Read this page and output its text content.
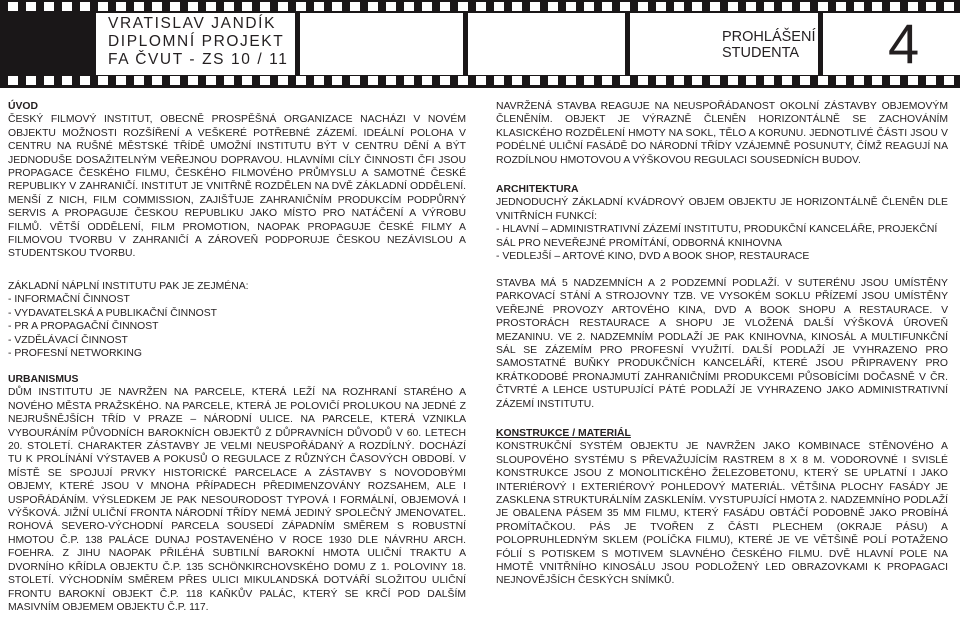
VRATISLAV JANDÍK
DIPLOMNÍ PROJEKT
FA ČVUT - ZS 10 / 11
PROHLÁŠENÍ
STUDENTA 4
ÚVOD
ČESKÝ FILMOVÝ INSTITUT, OBECNĚ PROSPĚŠNÁ ORGANIZACE NACHÁZI V NOVÉM OBJEKTU MOŽNOSTI ROZŠÍŘENÍ A VEŠKERÉ POTŘEBNÉ ZÁZEMÍ. IDEÁLNÍ POLOHA V CENTRU NA RUŠNÉ MĚSTSKÉ TŘÍDĚ UMOŽNÍ INSTITUTU BÝT V CENTRU DĚNÍ A BÝT JEDNODUŠE DOSAŽITELNÝM VEŘEJNOU DOPRAVOU. HLAVNÍMI CÍLY ČINNOSTI ČFI JSOU PROPAGACE ČESKÉHO FILMU, ČESKÉHO FILMOVÉHO PRŮMYSLU A SAMOTNÉ ČESKÉ REPUBLIKY V ZAHRANIČÍ. INSTITUT JE VNITŘNĚ ROZDĚLEN NA DVĚ ZÁKLADNÍ ODDĚLENÍ. MENŠÍ Z NICH, FILM COMMISSION, ZAJIŠŤUJE ZAHRANIČNÍM PRODUKCÍM PODPŮRNÝ SERVIS A PROPAGUJЕ ČESKOU REPUBLIKU JAKO MÍSTO PRO NATÁČENÍ A VÝROBU FILMŮ. VĚTŠÍ ODDĚLENÍ, FILM PROMOTION, NAOPAK PROPAGUJE ČESKÉ FILMY A FILMOVOU TVORBU V ZAHRANIČÍ A ZÁROVEŇ PODPORUJE ČESKOU NEZÁVISLOU A STUDENTSKOU TVORBU.
ZÁKLADNÍ NÁPLNÍ INSTITUTU PAK JE ZEJMÉNA:
- INFORMAČNÍ ČINNOST
- VYDAVATELSKÁ A PUBLIKAČNÍ ČINNOST
- PR A PROPAGAČNÍ ČINNOST
- VZDĚLÁVACÍ ČINNOST
- PROFESNÍ NETWORKING
URBANISMUS
DŮM INSTITUTU JE NAVRŽEN NA PARCELE, KTERÁ LEŽÍ NA ROZHRANÍ STARÉHO A NOVÉHO MĚSTA PRAŽSKÉHO. NA PARCELE, KTERÁ JE POLOVIČÍ PROLUKOU NA JEDNÉ Z NEJRUŠNĚJŠÍCH TŘÍD V PRAZE – NÁRODNÍ ULICE. NA PARCELE, KTERÁ VZNIKLA VYBOURÁNÍM PŮVODNÍCH BAROKNÍCH OBJEKTŮ Z DŮPRAVNÍCH DŮVODŮ V 60. LETECH 20. STOLETÍ. CHARAKTER ZÁSTAVBY JE VELMI NEUSPOŘÁDANÝ A ROZDÍLNÝ. DOCHÁZÍ TU K PROLÍNÁNÍ VÝSTAVEB A POKUSŮ O REGULACE Z RŮZNÝCH ČASOVÝCH OBDOBÍ. V MÍSTĚ SE SPOJUJÍ PRVKY HISTORICKÉ PARCELACE A ZÁSTAVBY S NOVODOBÝMI OBJEMY, KTERÉ JSOU V MNOHA PŘÍPADECH PŘEDIMENZOVÁNY ROZSAHEM, ALE I USPOŘÁDÁNÍM. VÝSLEDKEM JE PAK NESOURODOST TYPOVÁ I FORMÁLNÍ, OBJEMOVÁ I VÝŠKOVÁ. JIŽNÍ ULIČNÍ FRONTA NÁRODNÍ TŘÍDY NEMÁ JEDINÝ SPOLEČNÝ JMENOVATEL. ROHOVÁ SEVERO-VÝCHODNÍ PARCELA SOUSEDÍ ZÁPADNÍM SMĚREM S ROBUSTNÍ HMOTOU Č.P. 138 PALÁCE DUNAJ POSTAVENÉHO V ROCE 1930 DLE NÁVRHU ARCH. FOEHRA. Z JIHU NAOPAK PŘILÉHÁ SUBTILNÍ BAROKNÍ HMOTA ULIČNÍ TRAKTU A DVORNÍHO KŘÍDLA OBJEKTU Č.P. 135 SCHÖNKIRCHOVSKÉHO DOMU Z 1. POLOVINY 18. STOLETÍ. VÝCHODNÍM SMĚREM PŘES ULICI MIKULANDSKÁ DOTVÁŘÍ SLOŽITOU ULIČNÍ FRONTU BAROKNÍ OBJEKT Č.P. 118 KAŇKŮV PALÁC, KTERÝ SE KRČÍ POD DALŠÍM MASIVNÍM OBJEMEM OBJEKTU Č.P. 117.
NAVRŽENÁ STAVBA REAGUJE NA NEUSPOŘÁDANOST OKOLNÍ ZÁSTAVBY OBJEMOVÝM ČLENĚNÍM. OBJEKT JE VÝRAZNĚ ČLENĚN HORIZONTÁLNĚ SE ZACHOVÁNÍM KLASICKÉHO ROZDĚLENÍ HMOTY NA SOKL, TĚLO A KORUNU. JEDNOTLIVÉ ČÁSTI JSOU V PODÉLNÉ ULIČNÍ FASÁDĚ DO NÁRODNÍ TŘÍDY VZÁJEMNĚ POSUNUTY, ČÍMŽ REAGUJÍ NA ROZDÍLNOU HMOTOVOU A VÝŠKOVOU REGULACI SOUSEDNÍCH BUDOV.
ARCHITEKTURA
JEDNODUCHÝ ZÁKLADNÍ KVÁDROVÝ OBJEM OBJEKTU JE HORIZONTÁLNĚ ČLENĚN DLE VNITŘNÍCH FUNKCÍ:
- HLAVNÍ – ADMINISTRATIVNÍ ZÁZEMÍ INSTITUTU, PRODUKČNÍ KANCELÁŘE, PROJEKČNÍ SÁL PRO NEVEŘEJNÉ PROMÍTÁNÍ, ODBORNÁ KNIHOVNA
- VEDLEJŠÍ – ARTOVÉ KINO, DVD A BOOK SHOP, RESTAURACE
STAVBA MÁ 5 NADZEMNÍCH A 2 PODZEMNÍ PODLAŽÍ. V SUTERÉNU JSOU UMÍSTĚNY PARKOVACÍ STÁNÍ A STROJOVNY TZB. VE VYSOKÉM SOKLU PŘÍZEMÍ JSOU UMÍSTĚNY VEŘEJNÉ PROVOZY ARTOVÉHO KINA, DVD A BOOK SHOPU A RESTAURACE. V PROSTORÁCH RESTAURACE A SHOPU JE VLOŽENÁ DALŠÍ VÝŠKOVÁ ÚROVEŇ MEZANINU. VE 2. NADZEMNÍM PODLAŽÍ JE PAK KNIHOVNA, KINOSÁL A MULTIFUNKČNÍ SÁL SE ZÁZEMÍM PRO PROFESNÍ VYUŽITÍ. DALŠÍ PODLAŽÍ JE VYHRAZENO PRO SAMOSTATNÉ BUŇKY PRODUKČNÍCH KANCELÁŘÍ, KTERÉ JSOU PŘIPRAVENY PRO KRÁTKODOBÉ PRONAJMUTÍ ZAHRANIČNÍMI PRODUKCEMI PŮSOBÍCÍMI DOČASNĚ V ČR. ČTVRTÉ A LEHCE USTUPUJÍCÍ PÁTÉ PODLAŽÍ JE VYHRAZENO JAKO ADMINISTRATIVNÍ ZÁZEMÍ INSTITUTU.
KONSTRUKCE / MATERIÁL
KONSTRUKČNÍ SYSTÉM OBJEKTU JE NAVRŽEN JAKO KOMBINACE STĚNOVÉHO A SLOUPOVÉHO SYSTÉMU S PŘEVAŽUJÍCÍM RASTREM 8 X 8 M. VODOROVNÉ I SVISLÉ KONSTRUKCE JSOU Z MONOLITICKÉHO ŽELEZOBETONU, KTERÝ SE UPLATNÍ I JAKO INTERIÉROVÝ I EXTERIÉROVÝ POHLEDOVÝ MATERIÁL. VĚTŠINA PLOCHY FASÁDY JE ZASKLENA STRUKTURÁLNÍM ZASKLENÍM. VYSTUPUJÍCÍ HMOTA 2. NADZEMNÍHO PODLAŽÍ JE OBALENA PÁSEM 35 MM FILMU, KTERÝ FASÁDU OBTÁČÍ PODOBNĚ JAKO PROBÍHÁ PROMÍTAČKOU. PÁS JE TVOŘEN Z ČÁSTI PLECHEM (OKRAJE PÁSU) A POLOPRUHLEDNÝM SKLEM (POLÍČKA FILMU), KTERÉ JE VE VĚTŠINĚ POLÍ POTAŽENO FÓLIÍ S POTISKEM S MOTIVEM SLAVNÉHO ČESKÉHO FILMU. DVĚ HLAVNÍ POLE NA HMOTĚ VNITŘNÍHO KINOSÁLU JSOU PODLOŽENÝ LED OBRAZOVKAMI K PROPAGACI NEJNOVĚJŠÍCH ČESKÝCH SNÍMKŮ.
